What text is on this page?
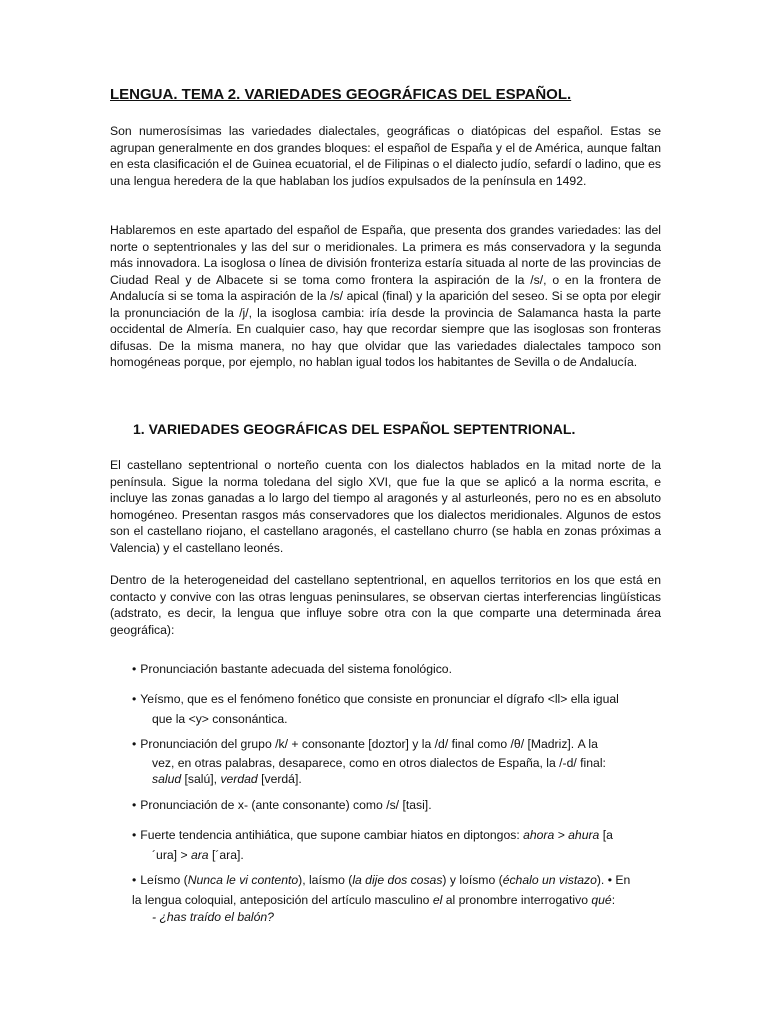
LENGUA. TEMA 2. VARIEDADES GEOGRÁFICAS DEL ESPAÑOL.

Son numerosísimas las variedades dialectales, geográficas o diatópicas del español. Estas se agrupan generalmente en dos grandes bloques: el español de España y el de América, aunque faltan en esta clasificación el de Guinea ecuatorial, el de Filipinas o el dialecto judío, sefardí o ladino, que es una lengua heredera de la que hablaban los judíos expulsados de la península en 1492.

Hablaremos en este apartado del español de España, que presenta dos grandes variedades: las del norte o septentrionales y las del sur o meridionales. La primera es más conservadora y la segunda más innovadora. La isoglosa o línea de división fronteriza estaría situada al norte de las provincias de Ciudad Real y de Albacete si se toma como frontera la aspiración de la /s/, o en la frontera de Andalucía si se toma la aspiración de la /s/ apical (final) y la aparición del seseo. Si se opta por elegir la pronunciación de la /j/, la isoglosa cambia: iría desde la provincia de Salamanca hasta la parte occidental de Almería. En cualquier caso, hay que recordar siempre que las isoglosas son fronteras difusas. De la misma manera, no hay que olvidar que las variedades dialectales tampoco son homogéneas porque, por ejemplo, no hablan igual todos los habitantes de Sevilla o de Andalucía.

1. VARIEDADES GEOGRÁFICAS DEL ESPAÑOL SEPTENTRIONAL.

El castellano septentrional o norteño cuenta con los dialectos hablados en la mitad norte de la península. Sigue la norma toledana del siglo XVI, que fue la que se aplicó a la norma escrita, e incluye las zonas ganadas a lo largo del tiempo al aragonés y al asturleonés, pero no es en absoluto homogéneo. Presentan rasgos más conservadores que los dialectos meridionales. Algunos de estos son el castellano riojano, el castellano aragonés, el castellano churro (se habla en zonas próximas a Valencia) y el castellano leonés.

Dentro de la heterogeneidad del castellano septentrional, en aquellos territorios en los que está en contacto y convive con las otras lenguas peninsulares, se observan ciertas interferencias lingüísticas (adstrato, es decir, la lengua que influye sobre otra con la que comparte una determinada área geográfica):

• Pronunciación bastante adecuada del sistema fonológico.
• Yeísmo, que es el fenómeno fonético que consiste en pronunciar el dígrafo <ll> ella igual
que la <y> consonántica.
• Pronunciación del grupo /k/ + consonante [doztor] y la /d/ final como /θ/ [Madriz]. A la
vez, en otras palabras, desaparece, como en otros dialectos de España, la /-d/ final:
salud [salú], verdad [verdá].
• Pronunciación de x- (ante consonante) como /s/ [tasi].
• Fuerte tendencia antihiática, que supone cambiar hiatos en diptongos: ahora > ahura [a
´ura] > ara [´ara].
• Leísmo (Nunca le vi contento), laísmo (la dije dos cosas) y loísmo (échalo un vistazo). • En
la lengua coloquial, anteposición del artículo masculino el al pronombre interrogativo qué:
- ¿has traído el balón?
